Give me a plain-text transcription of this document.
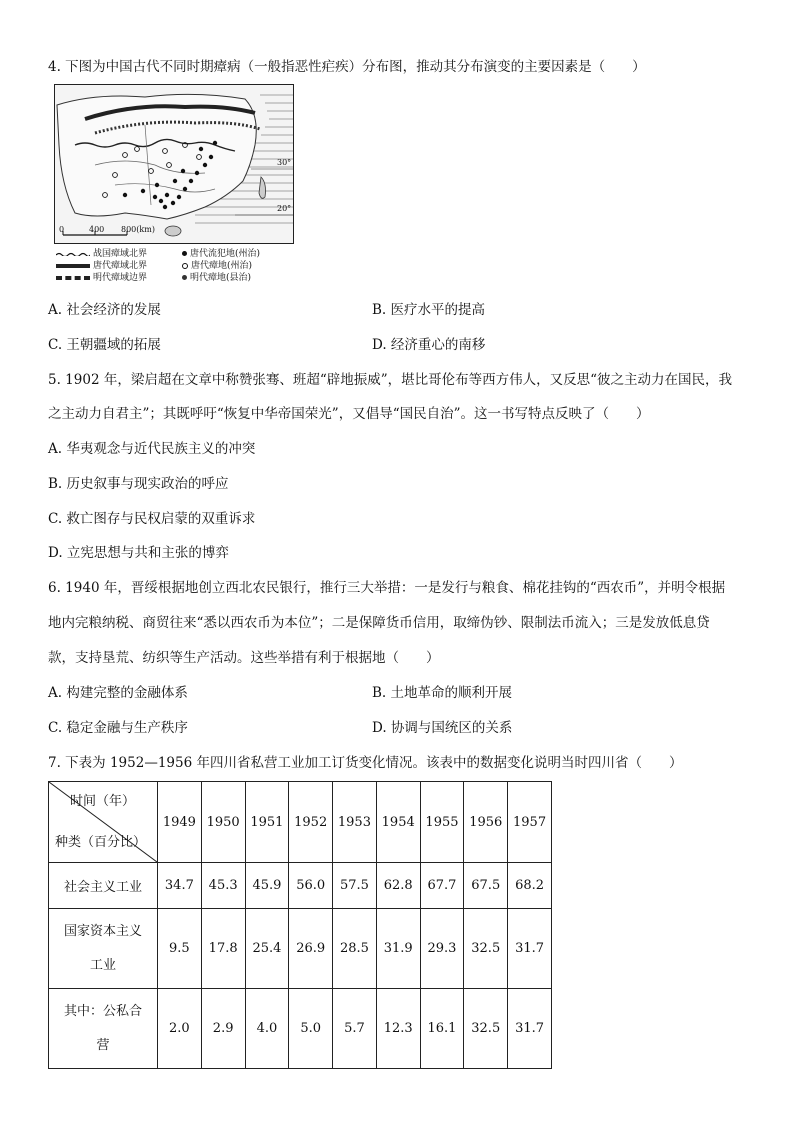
4. 下图为中国古代不同时期瘴病（一般指恶性疟疾）分布图，推动其分布演变的主要因素是（　　）
0	400 800(km)
30°
20°
战国瘴域北界
唐代瘴域北界
明代瘴域边界
唐代流犯地(州治)
唐代瘴地(州治)
明代瘴地(县治)
A. 社会经济的发展	B. 医疗水平的提高
C. 王朝疆域的拓展	D. 经济重心的南移
5. 1902 年，梁启超在文章中称赞张骞、班超“辟地振威”，堪比哥伦布等西方伟人，又反思“彼之主动力在国民，我
之主动力自君主”；其既呼吁“恢复中华帝国荣光”，又倡导“国民自治”。这一书写特点反映了（　　）
A. 华夷观念与近代民族主义的冲突
B. 历史叙事与现实政治的呼应
C. 救亡图存与民权启蒙的双重诉求
D. 立宪思想与共和主张的博弈
6. 1940 年，晋绥根据地创立西北农民银行，推行三大举措：一是发行与粮食、棉花挂钩的“西农币”，并明令根据
地内完粮纳税、商贸往来“悉以西农币为本位”；二是保障货币信用，取缔伪钞、限制法币流入；三是发放低息贷
款，支持垦荒、纺织等生产活动。这些举措有利于根据地（　　）
A. 构建完整的金融体系	B. 土地革命的顺利开展
C. 稳定金融与生产秩序	D. 协调与国统区的关系
7. 下表为 1952—1956 年四川省私营工业加工订货变化情况。该表中的数据变化说明当时四川省（　　）
时间（年）
种类（百分比）	1949	1950	1951	1952	1953	1954	1955	1956	1957
社会主义工业	34.7	45.3	45.9	56.0	57.5	62.8	67.7	67.5	68.2
国家资本主义
工业	9.5	17.8	25.4	26.9	28.5	31.9	29.3	32.5	31.7
其中：公私合
营	2.0	2.9	4.0	5.0	5.7	12.3	16.1	32.5	31.7
